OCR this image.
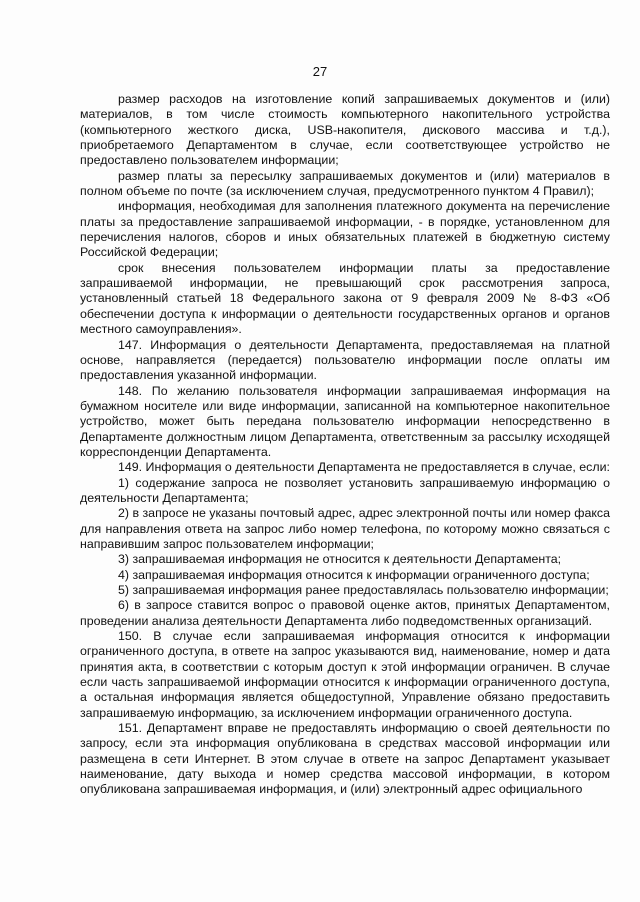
27

размер расходов на изготовление копий запрашиваемых документов и (или) материалов, в том числе стоимость компьютерного накопительного устройства (компьютерного жесткого диска, USB-накопителя, дискового массива и т.д.), приобретаемого Департаментом в случае, если соответствующее устройство не предоставлено пользователем информации;

размер платы за пересылку запрашиваемых документов и (или) материалов в полном объеме по почте (за исключением случая, предусмотренного пунктом 4 Правил);

информация, необходимая для заполнения платежного документа на перечисление платы за предоставление запрашиваемой информации, - в порядке, установленном для перечисления налогов, сборов и иных обязательных платежей в бюджетную систему Российской Федерации;

срок внесения пользователем информации платы за предоставление запрашиваемой информации, не превышающий срок рассмотрения запроса, установленный статьей 18 Федерального закона от 9 февраля 2009 № 8-ФЗ «Об обеспечении доступа к информации о деятельности государственных органов и органов местного самоуправления».

147. Информация о деятельности Департамента, предоставляемая на платной основе, направляется (передается) пользователю информации после оплаты им предоставления указанной информации.

148. По желанию пользователя информации запрашиваемая информация на бумажном носителе или виде информации, записанной на компьютерное накопительное устройство, может быть передана пользователю информации непосредственно в Департаменте должностным лицом Департамента, ответственным за рассылку исходящей корреспонденции Департамента.

149. Информация о деятельности Департамента не предоставляется в случае, если:

1) содержание запроса не позволяет установить запрашиваемую информацию о деятельности Департамента;

2) в запросе не указаны почтовый адрес, адрес электронной почты или номер факса для направления ответа на запрос либо номер телефона, по которому можно связаться с направившим запрос пользователем информации;

3) запрашиваемая информация не относится к деятельности Департамента;

4) запрашиваемая информация относится к информации ограниченного доступа;

5) запрашиваемая информация ранее предоставлялась пользователю информации;

6) в запросе ставится вопрос о правовой оценке актов, принятых Департаментом, проведении анализа деятельности Департамента либо подведомственных организаций.

150. В случае если запрашиваемая информация относится к информации ограниченного доступа, в ответе на запрос указываются вид, наименование, номер и дата принятия акта, в соответствии с которым доступ к этой информации ограничен. В случае если часть запрашиваемой информации относится к информации ограниченного доступа, а остальная информация является общедоступной, Управление обязано предоставить запрашиваемую информацию, за исключением информации ограниченного доступа.

151. Департамент вправе не предоставлять информацию о своей деятельности по запросу, если эта информация опубликована в средствах массовой информации или размещена в сети Интернет. В этом случае в ответе на запрос Департамент указывает наименование, дату выхода и номер средства массовой информации, в котором опубликована запрашиваемая информация, и (или) электронный адрес официального
